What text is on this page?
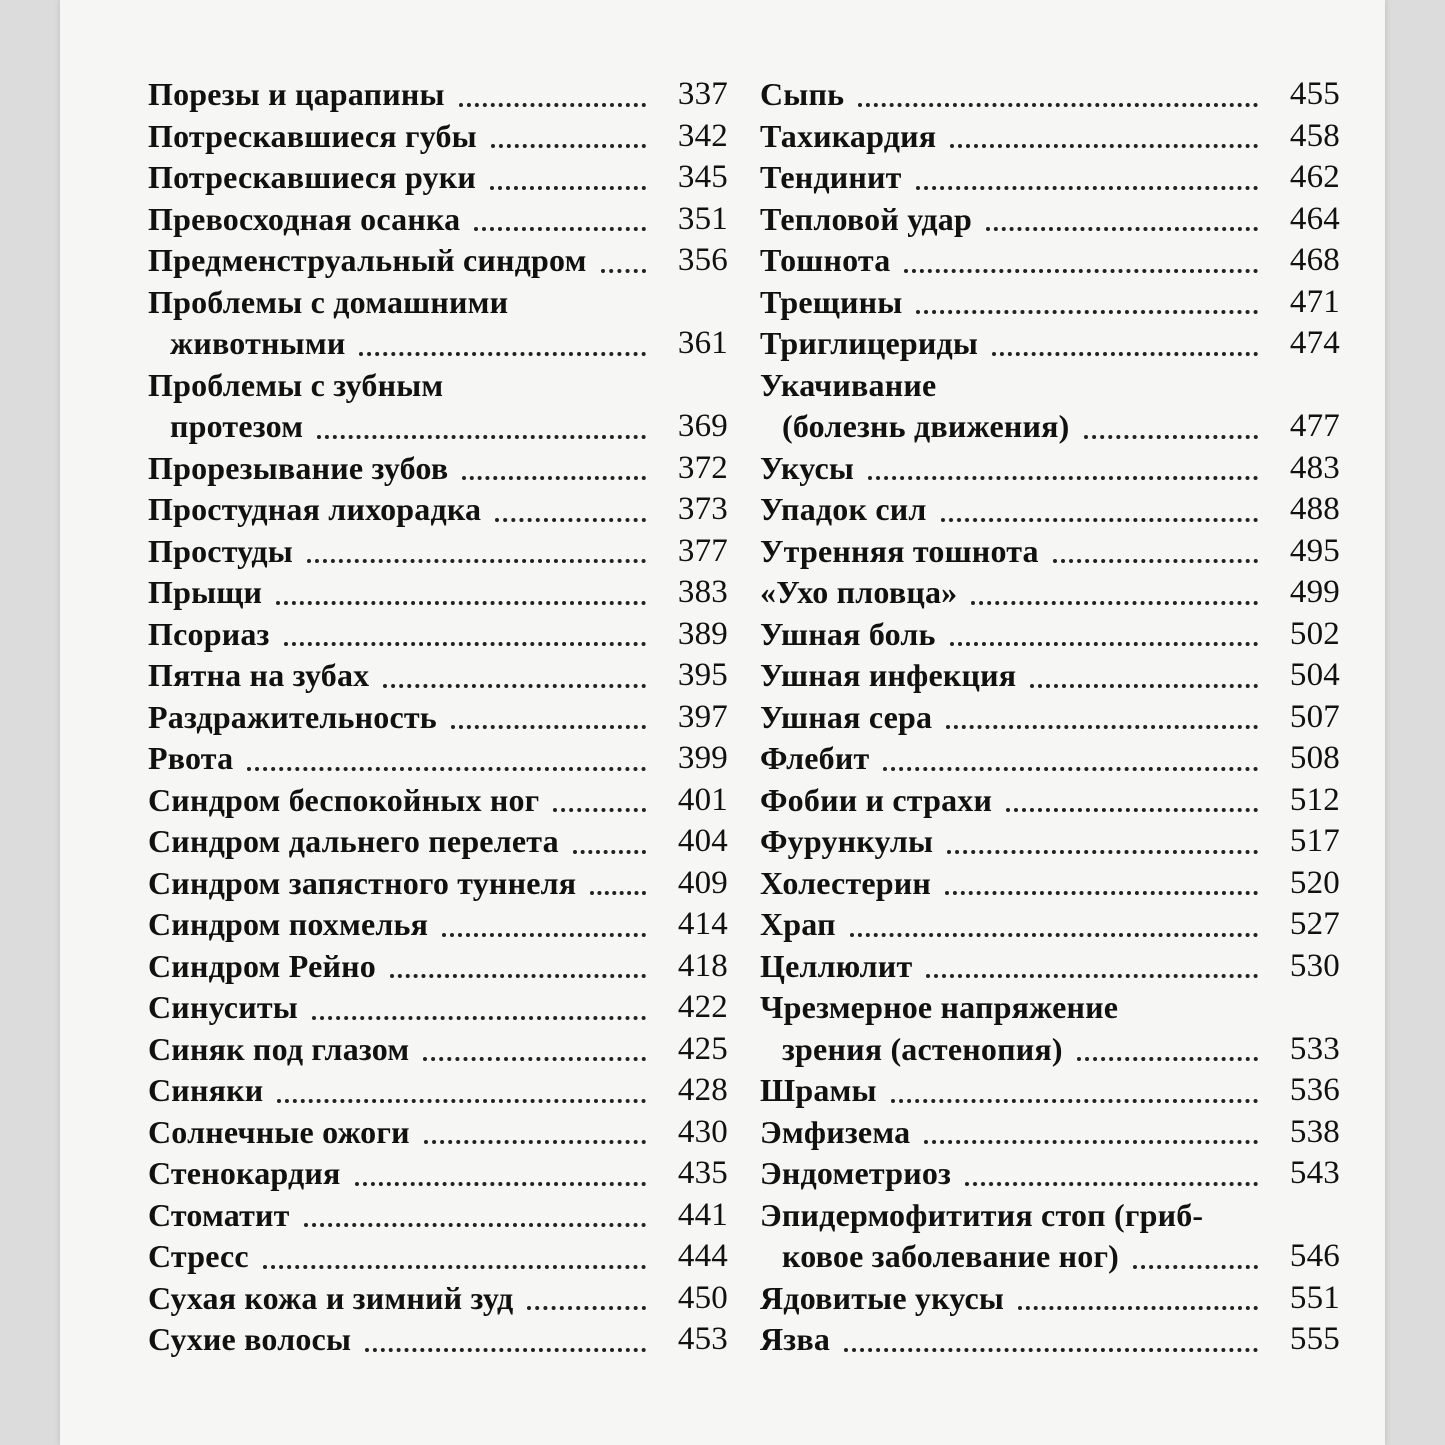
Порезы и царапины	337
Потрескавшиеся губы	342
Потрескавшиеся руки	345
Превосходная осанка	351
Предменструальный синдром	356
Проблемы с домашними
животными	361
Проблемы с зубным
протезом	369
Прорезывание зубов	372
Простудная лихорадка	373
Простуды	377
Прыщи	383
Псориаз	389
Пятна на зубах	395
Раздражительность	397
Рвота	399
Синдром беспокойных ног	401
Синдром дальнего перелета	404
Синдром запястного туннеля	409
Синдром похмелья	414
Синдром Рейно	418
Синуситы	422
Синяк под глазом	425
Синяки	428
Солнечные ожоги	430
Стенокардия	435
Стоматит	441
Стресс	444
Сухая кожа и зимний зуд	450
Сухие волосы	453
Сыпь	455
Тахикардия	458
Тендинит	462
Тепловой удар	464
Тошнота	468
Трещины	471
Триглицериды	474
Укачивание
(болезнь движения)	477
Укусы	483
Упадок сил	488
Утренняя тошнота	495
«Ухо пловца»	499
Ушная боль	502
Ушная инфекция	504
Ушная сера	507
Флебит	508
Фобии и страхи	512
Фурункулы	517
Холестерин	520
Храп	527
Целлюлит	530
Чрезмерное напряжение
зрения (астенопия)	533
Шрамы	536
Эмфизема	538
Эндометриоз	543
Эпидермофитития стоп (гриб-
ковое заболевание ног)	546
Ядовитые укусы	551
Язва	555
